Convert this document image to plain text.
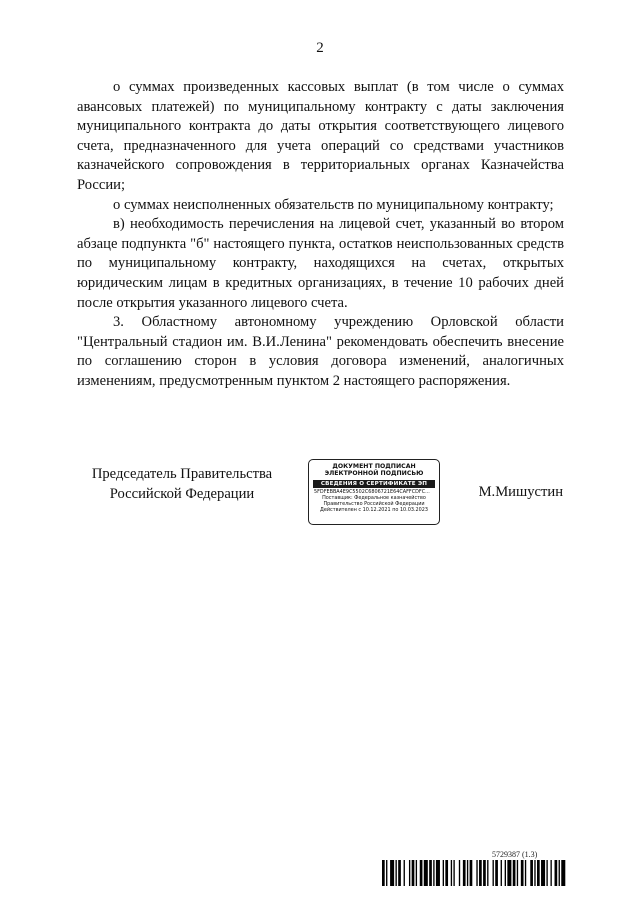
2

о суммах произведенных кассовых выплат (в том числе о суммах авансовых платежей) по муниципальному контракту с даты заключения муниципального контракта до даты открытия соответствующего лицевого счета, предназначенного для учета операций со средствами участников казначейского сопровождения в территориальных органах Казначейства России;

о суммах неисполненных обязательств по муниципальному контракту;

в) необходимость перечисления на лицевой счет, указанный во втором абзаце подпункта "б" настоящего пункта, остатков неиспользованных средств по муниципальному контракту, находящихся на счетах, открытых юридическим лицам в кредитных организациях, в течение 10 рабочих дней после открытия указанного лицевого счета.

3. Областному автономному учреждению Орловской области "Центральный стадион им. В.И.Ленина" рекомендовать обеспечить внесение по соглашению сторон в условия договора изменений, аналогичных изменениям, предусмотренным пунктом 2 настоящего распоряжения.

Председатель Правительства
Российской Федерации
ДОКУМЕНТ ПОДПИСАН
ЭЛЕКТРОННОЙ ПОДПИСЬЮ
СВЕДЕНИЯ О СЕРТИФИКАТЕ ЭП
5FDFEBBA4E9C5502C6806721E64CAFFCDFC...
Поставщик: Федеральное казначейство
Правительство Российской Федерации
Действителен с 10.12.2021 по 10.03.2023
М.Мишустин
5729387 (1.3)
